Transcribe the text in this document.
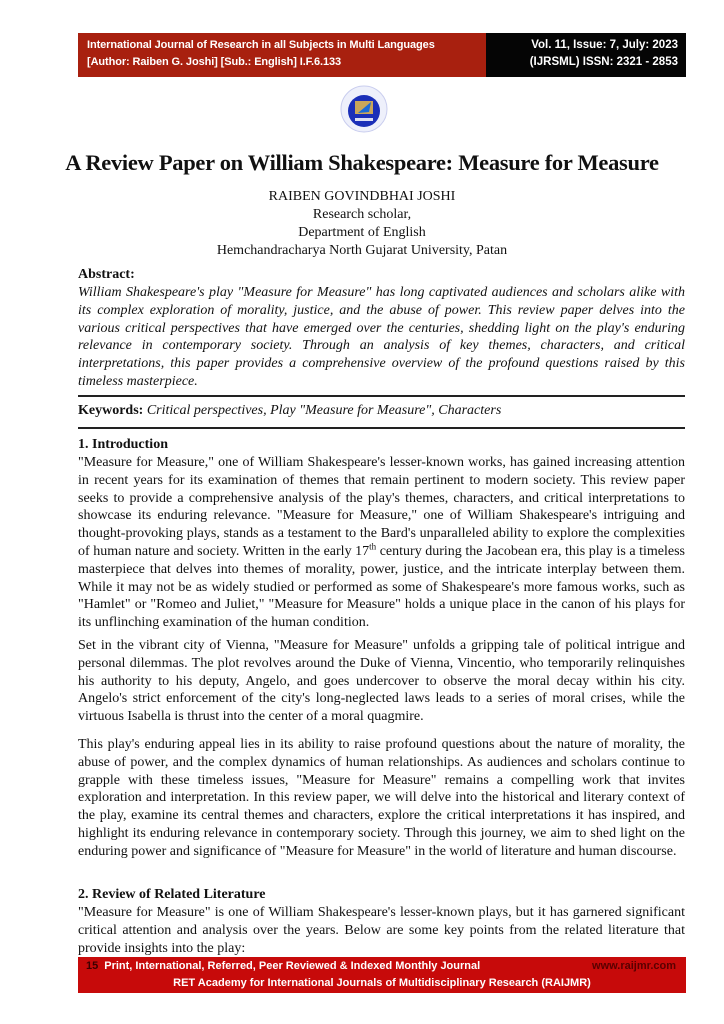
International Journal of Research in all Subjects in Multi Languages
[Author: Raiben G. Joshi] [Sub.: English] I.F.6.133
Vol. 11, Issue: 7, July: 2023
(IJRSML) ISSN: 2321 - 2853
A Review Paper on William Shakespeare: Measure for Measure
RAIBEN GOVINDBHAI JOSHI
Research scholar,
Department of English
Hemchandracharya North Gujarat University, Patan
Abstract:
William Shakespeare's play "Measure for Measure" has long captivated audiences and scholars alike with its complex exploration of morality, justice, and the abuse of power. This review paper delves into the various critical perspectives that have emerged over the centuries, shedding light on the play's enduring relevance in contemporary society. Through an analysis of key themes, characters, and critical interpretations, this paper provides a comprehensive overview of the profound questions raised by this timeless masterpiece.
Keywords: Critical perspectives, Play "Measure for Measure", Characters
1. Introduction
"Measure for Measure," one of William Shakespeare's lesser-known works, has gained increasing attention in recent years for its examination of themes that remain pertinent to modern society. This review paper seeks to provide a comprehensive analysis of the play's themes, characters, and critical interpretations to showcase its enduring relevance. "Measure for Measure," one of William Shakespeare's intriguing and thought-provoking plays, stands as a testament to the Bard's unparalleled ability to explore the complexities of human nature and society. Written in the early 17th century during the Jacobean era, this play is a timeless masterpiece that delves into themes of morality, power, justice, and the intricate interplay between them. While it may not be as widely studied or performed as some of Shakespeare's more famous works, such as "Hamlet" or "Romeo and Juliet," "Measure for Measure" holds a unique place in the canon of his plays for its unflinching examination of the human condition.
Set in the vibrant city of Vienna, "Measure for Measure" unfolds a gripping tale of political intrigue and personal dilemmas. The plot revolves around the Duke of Vienna, Vincentio, who temporarily relinquishes his authority to his deputy, Angelo, and goes undercover to observe the moral decay within his city. Angelo's strict enforcement of the city's long-neglected laws leads to a series of moral crises, while the virtuous Isabella is thrust into the center of a moral quagmire.
This play's enduring appeal lies in its ability to raise profound questions about the nature of morality, the abuse of power, and the complex dynamics of human relationships. As audiences and scholars continue to grapple with these timeless issues, "Measure for Measure" remains a compelling work that invites exploration and interpretation. In this review paper, we will delve into the historical and literary context of the play, examine its central themes and characters, explore the critical interpretations it has inspired, and highlight its enduring relevance in contemporary society. Through this journey, we aim to shed light on the enduring power and significance of "Measure for Measure" in the world of literature and human discourse.
2. Review of Related Literature
"Measure for Measure" is one of William Shakespeare's lesser-known plays, but it has garnered significant critical attention and analysis over the years. Below are some key points from the related literature that provide insights into the play:
15 Print, International, Referred, Peer Reviewed & Indexed Monthly Journal	www.raijmr.com
RET Academy for International Journals of Multidisciplinary Research (RAIJMR)
